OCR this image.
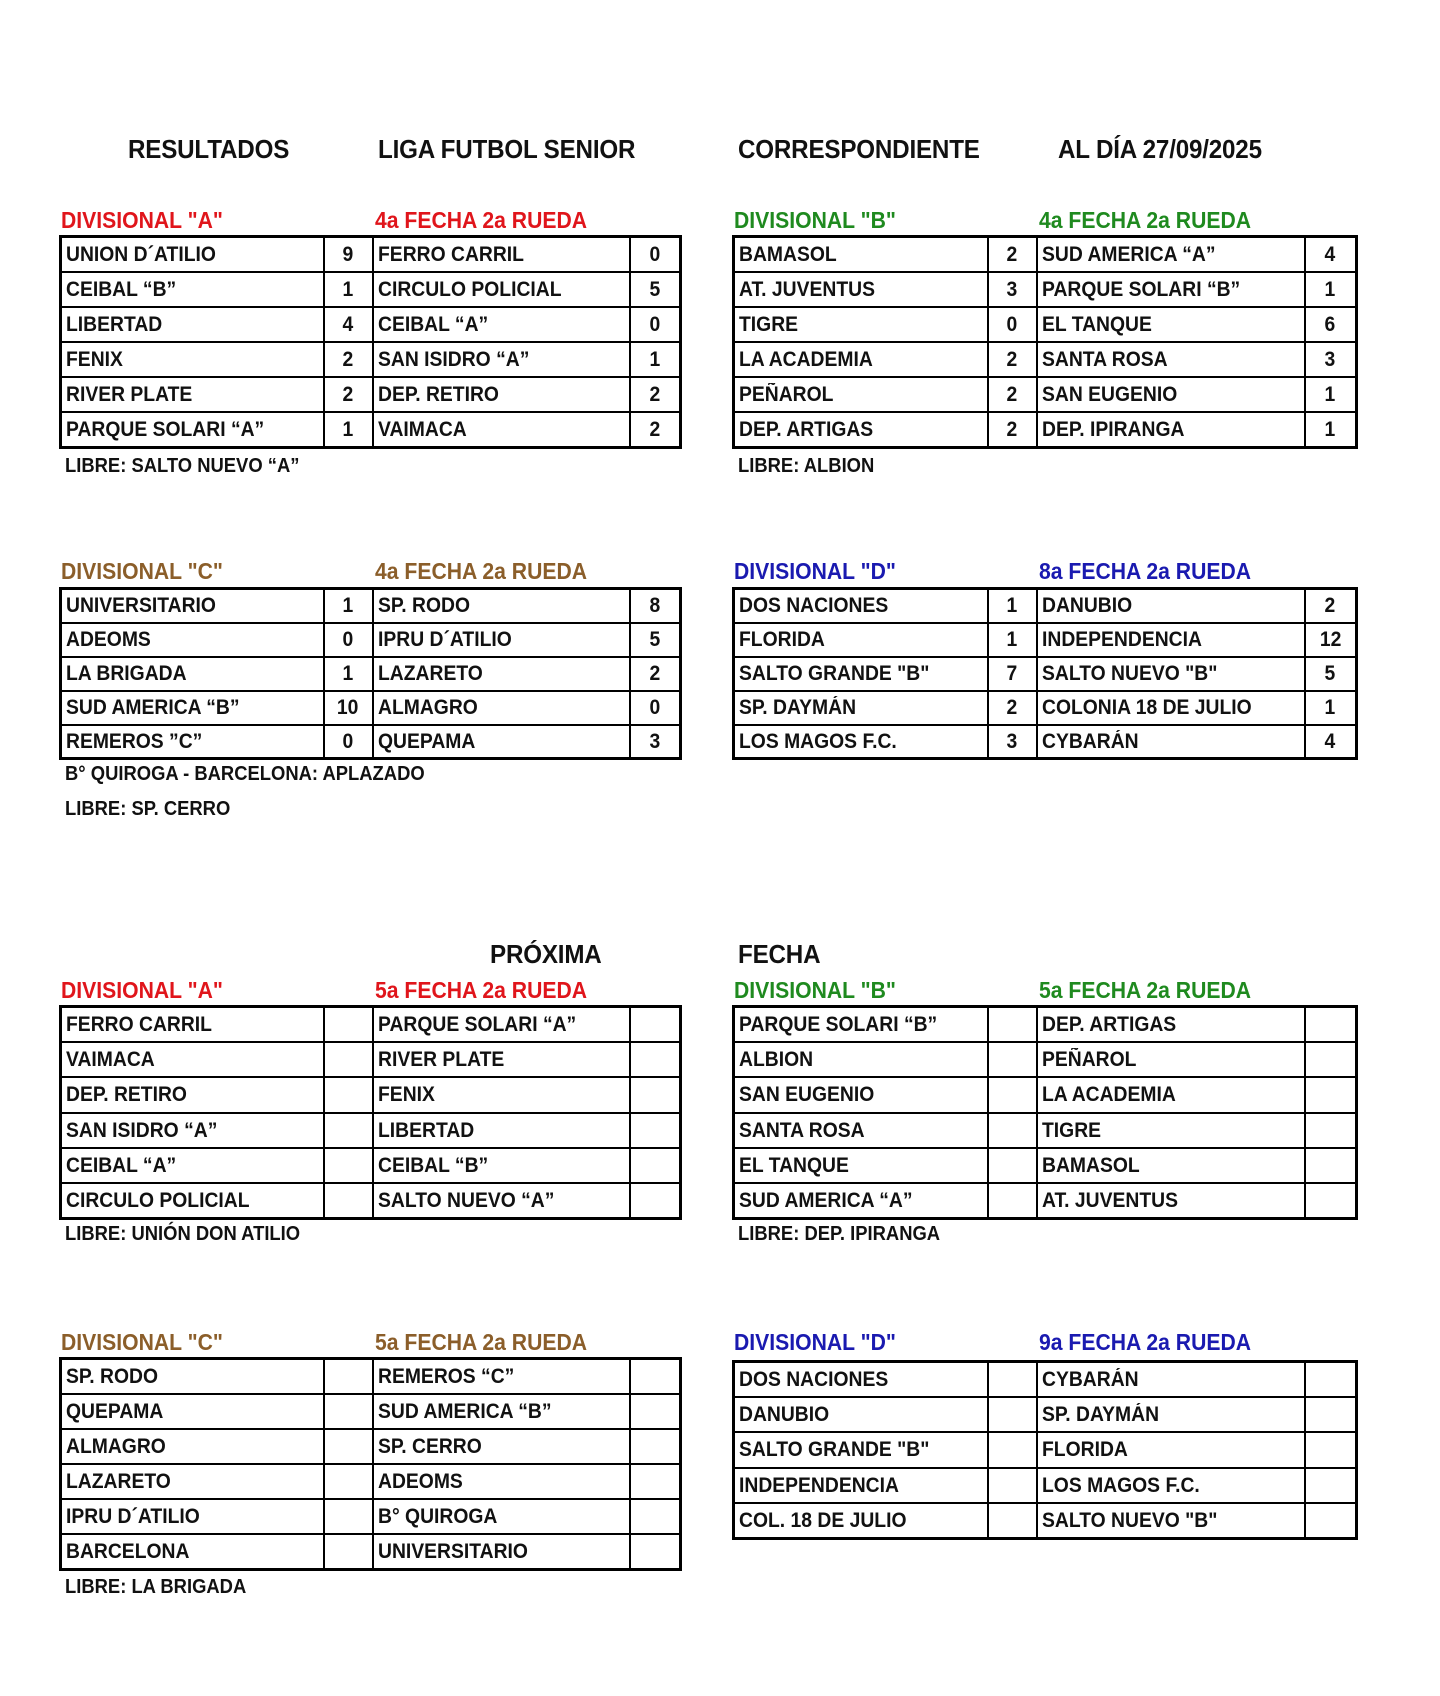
RESULTADOS	LIGA FUTBOL SENIOR	CORRESPONDIENTE	AL DÍA 27/09/2025
DIVISIONAL "A"	4a FECHA 2a RUEDA
UNION D´ATILIO	9	FERRO CARRIL	0
CEIBAL “B”	1	CIRCULO POLICIAL	5
LIBERTAD	4	CEIBAL “A”	0
FENIX	2	SAN ISIDRO “A”	1
RIVER PLATE	2	DEP. RETIRO	2
PARQUE SOLARI “A”	1	VAIMACA	2
LIBRE: SALTO NUEVO “A”
DIVISIONAL "B"	4a FECHA 2a RUEDA
BAMASOL	2	SUD AMERICA “A”	4
AT. JUVENTUS	3	PARQUE SOLARI “B”	1
TIGRE	0	EL TANQUE	6
LA ACADEMIA	2	SANTA ROSA	3
PEÑAROL	2	SAN EUGENIO	1
DEP. ARTIGAS	2	DEP. IPIRANGA	1
LIBRE: ALBION
DIVISIONAL "C"	4a FECHA 2a RUEDA
UNIVERSITARIO	1	SP. RODO	8
ADEOMS	0	IPRU D´ATILIO	5
LA BRIGADA	1	LAZARETO	2
SUD AMERICA “B”	10	ALMAGRO	0
REMEROS ”C”	0	QUEPAMA	3
B° QUIROGA - BARCELONA: APLAZADO
LIBRE: SP. CERRO
DIVISIONAL "D"	8a FECHA 2a RUEDA
DOS NACIONES	1	DANUBIO	2
FLORIDA	1	INDEPENDENCIA	12
SALTO GRANDE "B"	7	SALTO NUEVO "B"	5
SP. DAYMÁN	2	COLONIA 18 DE JULIO	1
LOS MAGOS F.C.	3	CYBARÁN	4
DIVISIONAL "A"	5a FECHA 2a RUEDA
FERRO CARRIL		PARQUE SOLARI “A”	
VAIMACA		RIVER PLATE	
DEP. RETIRO		FENIX	
SAN ISIDRO “A”		LIBERTAD	
CEIBAL “A”		CEIBAL “B”	
CIRCULO POLICIAL		SALTO NUEVO “A”	
LIBRE: UNIÓN DON ATILIO
DIVISIONAL "B"	5a FECHA 2a RUEDA
PARQUE SOLARI “B”		DEP. ARTIGAS	
ALBION		PEÑAROL	
SAN EUGENIO		LA ACADEMIA	
SANTA ROSA		TIGRE	
EL TANQUE		BAMASOL	
SUD AMERICA “A”		AT. JUVENTUS	
LIBRE: DEP. IPIRANGA
DIVISIONAL "C"	5a FECHA 2a RUEDA
SP. RODO		REMEROS “C”	
QUEPAMA		SUD AMERICA “B”	
ALMAGRO		SP. CERRO	
LAZARETO		ADEOMS	
IPRU D´ATILIO		B° QUIROGA	
BARCELONA		UNIVERSITARIO	
LIBRE: LA BRIGADA
DIVISIONAL "D"	9a FECHA 2a RUEDA
DOS NACIONES		CYBARÁN	
DANUBIO		SP. DAYMÁN	
SALTO GRANDE "B"		FLORIDA	
INDEPENDENCIA		LOS MAGOS F.C.	
COL. 18 DE JULIO		SALTO NUEVO "B"	
PRÓXIMA	FECHA
